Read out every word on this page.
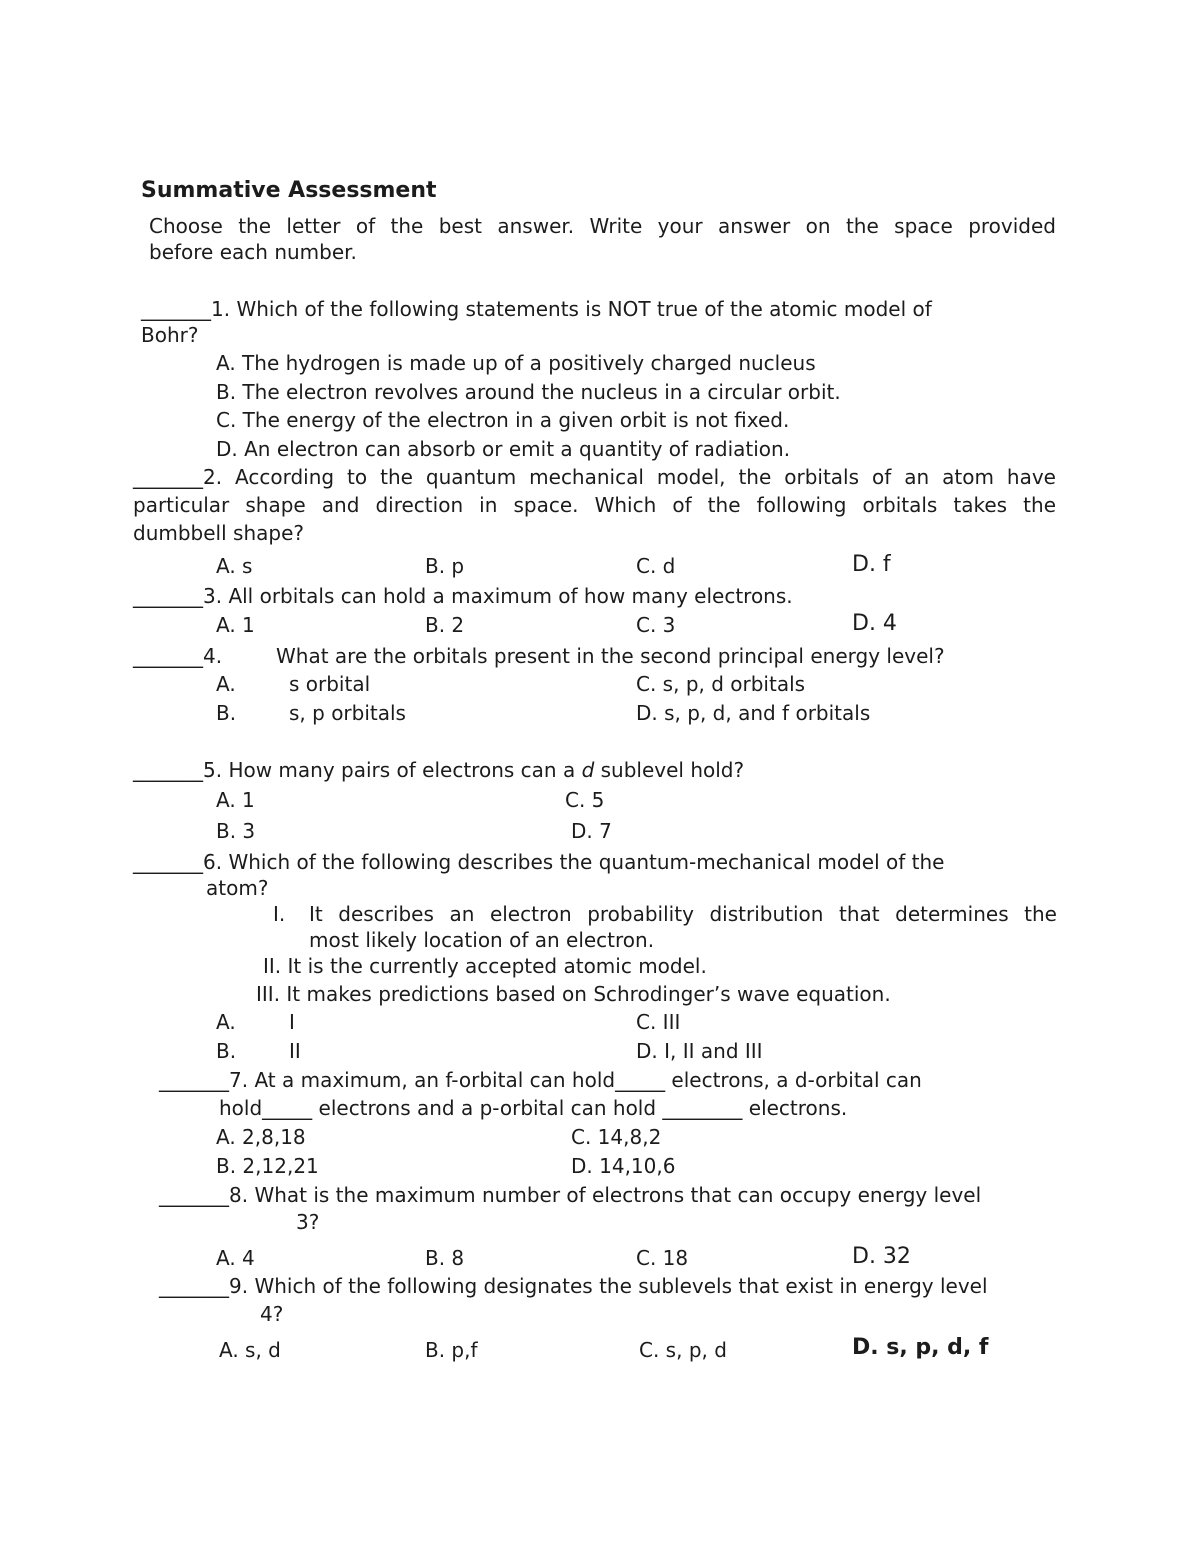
Summative Assessment
Choose the letter of the best answer. Write your answer on the space provided
before each number.
_______1. Which of the following statements is NOT true of the atomic model of
Bohr?
A. The hydrogen is made up of a positively charged nucleus
B. The electron revolves around the nucleus in a circular orbit.
C. The energy of the electron in a given orbit is not fixed.
D. An electron can absorb or emit a quantity of radiation.
_______2. According to the quantum mechanical model, the orbitals of an atom have
particular shape and direction in space. Which of the following orbitals takes the
dumbbell shape?
A. s	B. p	C. d	D. f
_______3. All orbitals can hold a maximum of how many electrons.
A. 1	B. 2	C. 3	D. 4
_______4.	What are the orbitals present in the second principal energy level?
A.	s orbital	C. s, p, d orbitals
B.	s, p orbitals	D. s, p, d, and f orbitals
_______5. How many pairs of electrons can a d sublevel hold?
A. 1	C. 5
B. 3	D. 7
_______6. Which of the following describes the quantum-mechanical model of the
atom?
I. It describes an electron probability distribution that determines the
most likely location of an electron.
II. It is the currently accepted atomic model.
III. It makes predictions based on Schrodinger’s wave equation.
A.	I	C. III
B.	II	D. I, II and III
_______7. At a maximum, an f-orbital can hold_____ electrons, a d-orbital can
hold_____ electrons and a p-orbital can hold ________ electrons.
A. 2,8,18	C. 14,8,2
B. 2,12,21	D. 14,10,6
_______8. What is the maximum number of electrons that can occupy energy level
3?
A. 4	B. 8	C. 18	D. 32
_______9. Which of the following designates the sublevels that exist in energy level
4?
A. s, d	B. p,f	C. s, p, d	D. s, p, d, f
